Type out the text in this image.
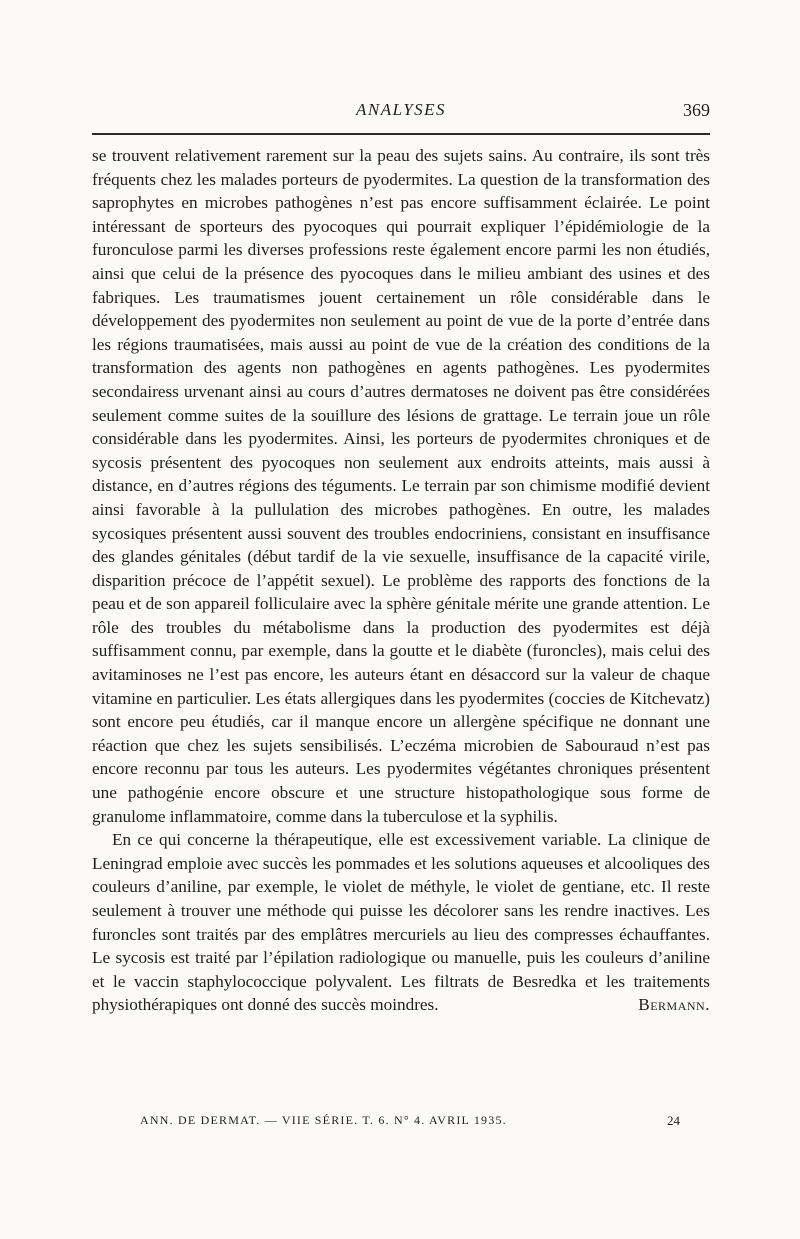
ANALYSES	369

se trouvent relativement rarement sur la peau des sujets sains. Au contraire, ils sont très fréquents chez les malades porteurs de pyodermites. La question de la transformation des saprophytes en microbes pathogènes n’est pas encore suffisamment éclairée. Le point intéressant de sporteurs des pyocoques qui pourrait expliquer l’épidémiologie de la furonculose parmi les diverses professions reste également encore parmi les non étudiés, ainsi que celui de la présence des pyocoques dans le milieu ambiant des usines et des fabriques. Les traumatismes jouent certainement un rôle considérable dans le développement des pyodermites non seulement au point de vue de la porte d’entrée dans les régions traumatisées, mais aussi au point de vue de la création des conditions de la transformation des agents non pathogènes en agents pathogènes. Les pyodermites secondairess urvenant ainsi au cours d’autres dermatoses ne doivent pas être considérées seulement comme suites de la souillure des lésions de grattage. Le terrain joue un rôle considérable dans les pyodermites. Ainsi, les porteurs de pyodermites chroniques et de sycosis présentent des pyocoques non seulement aux endroits atteints, mais aussi à distance, en d’autres régions des téguments. Le terrain par son chimisme modifié devient ainsi favorable à la pullulation des microbes pathogènes. En outre, les malades sycosiques présentent aussi souvent des troubles endocriniens, consistant en insuffisance des glandes génitales (début tardif de la vie sexuelle, insuffisance de la capacité virile, disparition précoce de l’appétit sexuel). Le problème des rapports des fonctions de la peau et de son appareil folliculaire avec la sphère génitale mérite une grande attention. Le rôle des troubles du métabolisme dans la production des pyodermites est déjà suffisamment connu, par exemple, dans la goutte et le diabète (furoncles), mais celui des avitaminoses ne l’est pas encore, les auteurs étant en désaccord sur la valeur de chaque vitamine en particulier. Les états allergiques dans les pyodermites (coccies de Kitchevatz) sont encore peu étudiés, car il manque encore un allergène spécifique ne donnant une réaction que chez les sujets sensibilisés. L’eczéma microbien de Sabouraud n’est pas encore reconnu par tous les auteurs. Les pyodermites végétantes chroniques présentent une pathogénie encore obscure et une structure histopathologique sous forme de granulome inflammatoire, comme dans la tuberculose et la syphilis.

En ce qui concerne la thérapeutique, elle est excessivement variable. La clinique de Leningrad emploie avec succès les pommades et les solutions aqueuses et alcooliques des couleurs d’aniline, par exemple, le violet de méthyle, le violet de gentiane, etc. Il reste seulement à trouver une méthode qui puisse les décolorer sans les rendre inactives. Les furoncles sont traités par des emplâtres mercuriels au lieu des compresses échauffantes. Le sycosis est traité par l’épilation radiologique ou manuelle, puis les couleurs d’aniline et le vaccin staphylococcique polyvalent. Les filtrats de Besredka et les traitements physiothérapiques ont donné des succès moindres.	Bermann.

ANN. DE DERMAT. — VIIE SÉRIE. T. 6. N° 4. AVRIL 1935.	24
